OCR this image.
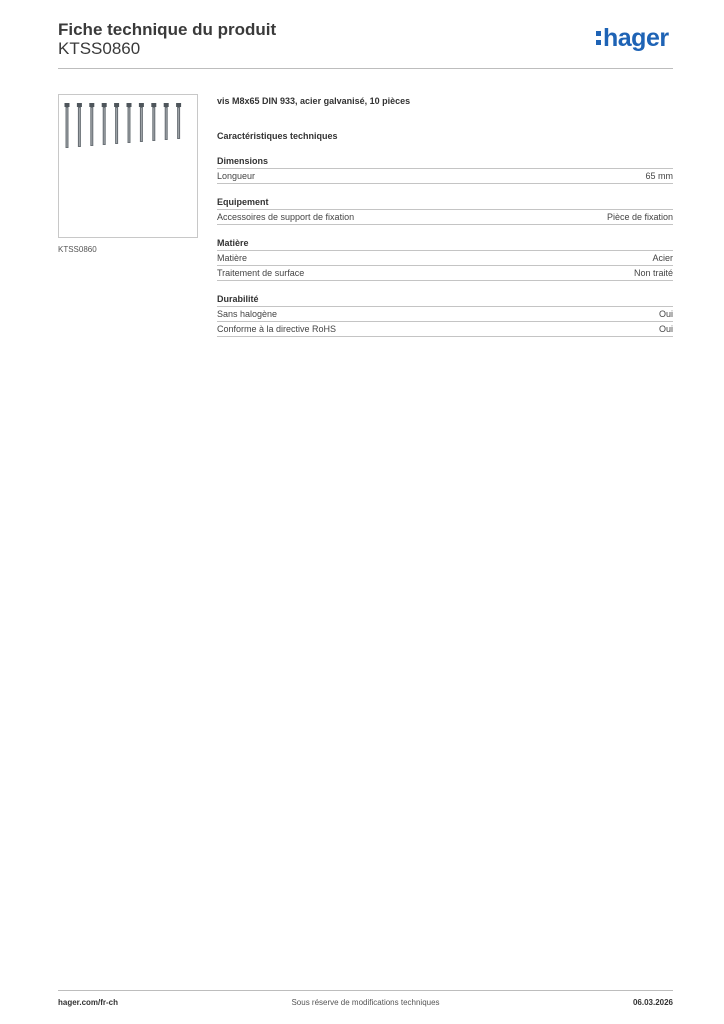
Fiche technique du produit
KTSS0860	hager
KTSS0860
vis M8x65 DIN 933, acier galvanisé, 10 pièces
Caractéristiques techniques
Dimensions
Longueur	65 mm
Equipement
Accessoires de support de fixation	Pièce de fixation
Matière
Matière	Acier
Traitement de surface	Non traité
Durabilité
Sans halogène	Oui
Conforme à la directive RoHS	Oui
hager.com/fr-ch	Sous réserve de modifications techniques	06.03.2026
